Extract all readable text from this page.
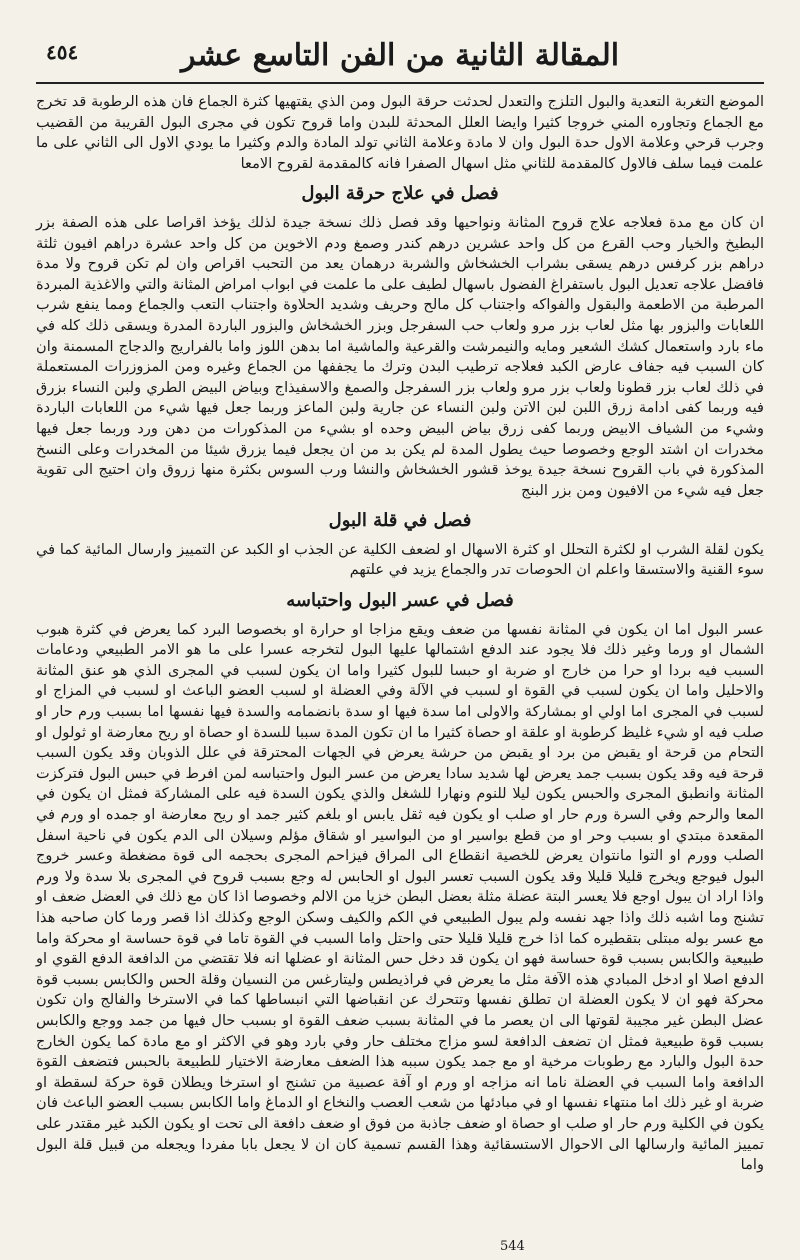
٤٥٤	المقالة الثانية من الفن التاسع عشر

الموضع التغربة التعدية والبول التلزج والتعدل لحدثت حرقة البول ومن الذي يقتهيها كثرة الجماع فان هذه الرطوبة قد تخرج مع الجماع وتجاوره المني خروجا كثيرا وايضا العلل المحدثة للبدن واما قروح تكون في مجرى البول القريبة من القضيب وجرب قرحي وعلامة الاول حدة البول وان لا مادة وعلامة الثاني تولد المادة والدم وكثيرا ما يودي الاول الى الثاني على ما علمت فيما سلف فالاول كالمقدمة للثاني مثل اسهال الصفرا فانه كالمقدمة لقروح الامعا

فصل في علاج حرقة البول

ان كان مع مدة فعلاجه علاج قروح المثانة ونواحيها وقد فصل ذلك نسخة جيدة لذلك يؤخذ اقراصا على هذه الصفة بزر البطيخ والخيار وحب القرع من كل واحد عشرين درهم كندر وصمغ ودم الاخوين من كل واحد عشرة دراهم افيون ثلثة دراهم بزر كرفس درهم يسقى بشراب الخشخاش والشربة درهمان يعد من التحبب اقراص وان لم تكن قروح ولا مدة فافضل علاجه تعديل البول باستفراغ الفضول باسهال لطيف على ما علمت في ابواب امراض المثانة والتي والاغذية المبردة المرطبة من الاطعمة والبقول والفواكه واجتناب كل مالح وحريف وشديد الحلاوة واجتناب التعب والجماع ومما ينفع شرب اللعابات والبزور بها مثل لعاب بزر مرو ولعاب حب السفرجل وبزر الخشخاش والبزور الباردة المدرة ويسقى ذلك كله في ماء بارد واستعمال كشك الشعير ومايه والنيمرشت والقرعية والماشية اما بدهن اللوز واما بالفراريج والدجاج المسمنة وان كان السبب فيه جفاف عارض الكبد فعلاجه ترطيب البدن وترك ما يجففها من الجماع وغيره ومن المزوزرات المستعملة في ذلك لعاب بزر قطونا ولعاب بزر مرو ولعاب بزر السفرجل والصمغ والاسفيذاج وبياض البيض الطري ولبن النساء بزرق فيه وربما كفى ادامة زرق اللبن لبن الاتن ولبن النساء عن جارية ولبن الماعز وربما جعل فيها شيء من اللعابات الباردة وشيء من الشياف الابيض وربما كفى زرق بياض البيض وحده او بشيء من المذكورات من دهن ورد وربما جعل فيها مخدرات ان اشتد الوجع وخصوصا حيث يطول المدة لم يكن بد من ان يجعل فيما يزرق شيئا من المخدرات وعلى النسخ المذكورة في باب القروح نسخة جيدة يوخذ قشور الخشخاش والنشا ورب السوس بكثرة منها زروق وان احتيج الى تقوية جعل فيه شيء من الافيون ومن بزر البنج

فصل في قلة البول

يكون لقلة الشرب او لكثرة التحلل او كثرة الاسهال او لضعف الكلية عن الجذب او الكبد عن التمييز وارسال المائية كما في سوء القنية والاستسقا واعلم ان الحوصات تدر والجماع يزيد في علتهم

فصل في عسر البول واحتباسه

عسر البول اما ان يكون في المثانة نفسها من ضعف ويقع مزاجا او حرارة او بخصوصا البرد كما يعرض في كثرة هبوب الشمال او ورما وغير ذلك فلا يجود عند الدفع اشتمالها عليها البول لتخرجه عسرا على ما هو الامر الطبيعي ودعامات السبب فيه بردا او حرا من خارج او ضربة او حبسا للبول كثيرا واما ان يكون لسبب في المجرى الذي هو عنق المثانة والاحليل واما ان يكون لسبب في القوة او لسبب في الآلة وفي العضلة او لسبب العضو الباعث او لسبب في المزاج او لسبب في المجرى اما اولي او بمشاركة والاولى اما سدة فيها او سدة بانضمامه والسدة فيها نفسها اما بسبب ورم حار او صلب فيه او شيء غليظ كرطوبة او علقة او حصاة كثيرا ما ان تكون المدة سببا للسدة او حصاة او ريح معارضة او ثولول او التحام من قرحة او يقبض من برد او يقبض من حرشة يعرض في الجهات المحترقة في علل الذوبان وقد يكون السبب قرحة فيه وقد يكون بسبب جمد يعرض لها شديد سادا يعرض من عسر البول واحتباسه لمن افرط في حبس البول فتركزت المثانة وانطبق المجرى والحبس يكون ليلا للنوم ونهارا للشغل والذي يكون السدة فيه على المشاركة فمثل ان يكون في المعا والرحم وفي السرة ورم حار او صلب او يكون فيه ثقل يابس او بلغم كثير جمد او ريح معارضة او جمده او ورم في المقعدة مبتدي او بسبب وحر او من قطع بواسير او من البواسير او شقاق مؤلم وسيلان الى الدم يكون في ناحية اسفل الصلب وورم او التوا مانتوان يعرض للخصية انقطاع الى المراق فيزاحم المجرى بحجمه الى قوة مضغطة وعسر خروج البول فيوجع ويخرج قليلا قليلا وقد يكون السبب تعسر البول او الحابس له وجع بسبب قروح في المجرى بلا سدة ولا ورم واذا اراد ان يبول اوجع فلا يعسر البتة عضلة مثلة بعضل البطن خزيا من الالم وخصوصا اذا كان مع ذلك في العضل ضعف او تشنج وما اشبه ذلك واذا جهد نفسه ولم يبول الطبيعي في الكم والكيف وسكن الوجع وكذلك اذا قصر ورما كان صاحبه هذا مع عسر بوله مبتلى بتقطيره كما اذا خرج قليلا قليلا حتى واحتل واما السبب في القوة تاما في قوة حساسة او محركة واما طبيعية والكابس بسبب قوة حساسة فهو ان يكون قد دخل حس المثانة او عضلها انه فلا تقتضي من الدافعة الدفع القوي او الدفع اصلا او ادخل المبادي هذه الآفة مثل ما يعرض في فراذيطس وليتارغس من النسيان وقلة الحس والكابس بسبب قوة محركة فهو ان لا يكون العضلة ان تطلق نفسها وتتحرك عن انقباضها التي انبساطها كما في الاسترخا والفالج وان تكون عضل البطن غير مجيبة لقوتها الى ان يعصر ما في المثانة بسبب ضعف القوة او بسبب حال فيها من جمد ووجع والكابس بسبب قوة طبيعية فمثل ان تضعف الدافعة لسو مزاج مختلف حار وفي بارد وهو في الاكثر او مع مادة كما يكون الخارج حدة البول والبارد مع رطوبات مرخية او مع جمد يكون سببه هذا الضعف معارضة الاختيار للطبيعة بالحبس فتضعف القوة الدافعة واما السبب في العضلة ناما انه مزاجه او ورم او آفة عصبية من تشنج او استرخا ويطلان قوة حركة لسقطة او ضربة او غير ذلك اما منتهاء نفسها او في مبادئها من شعب العصب والنخاع او الدماغ واما الكابس بسبب العضو الباعث فان يكون في الكلية ورم حار او صلب او حصاة او ضعف جاذبة من فوق او ضعف دافعة الى تحت او يكون الكبد غير مقتدر على تمييز المائية وارسالها الى الاحوال الاستسقائية وهذا القسم تسمية كان ان لا يجعل بابا مفردا ويجعله من قبيل قلة البول واما

544
